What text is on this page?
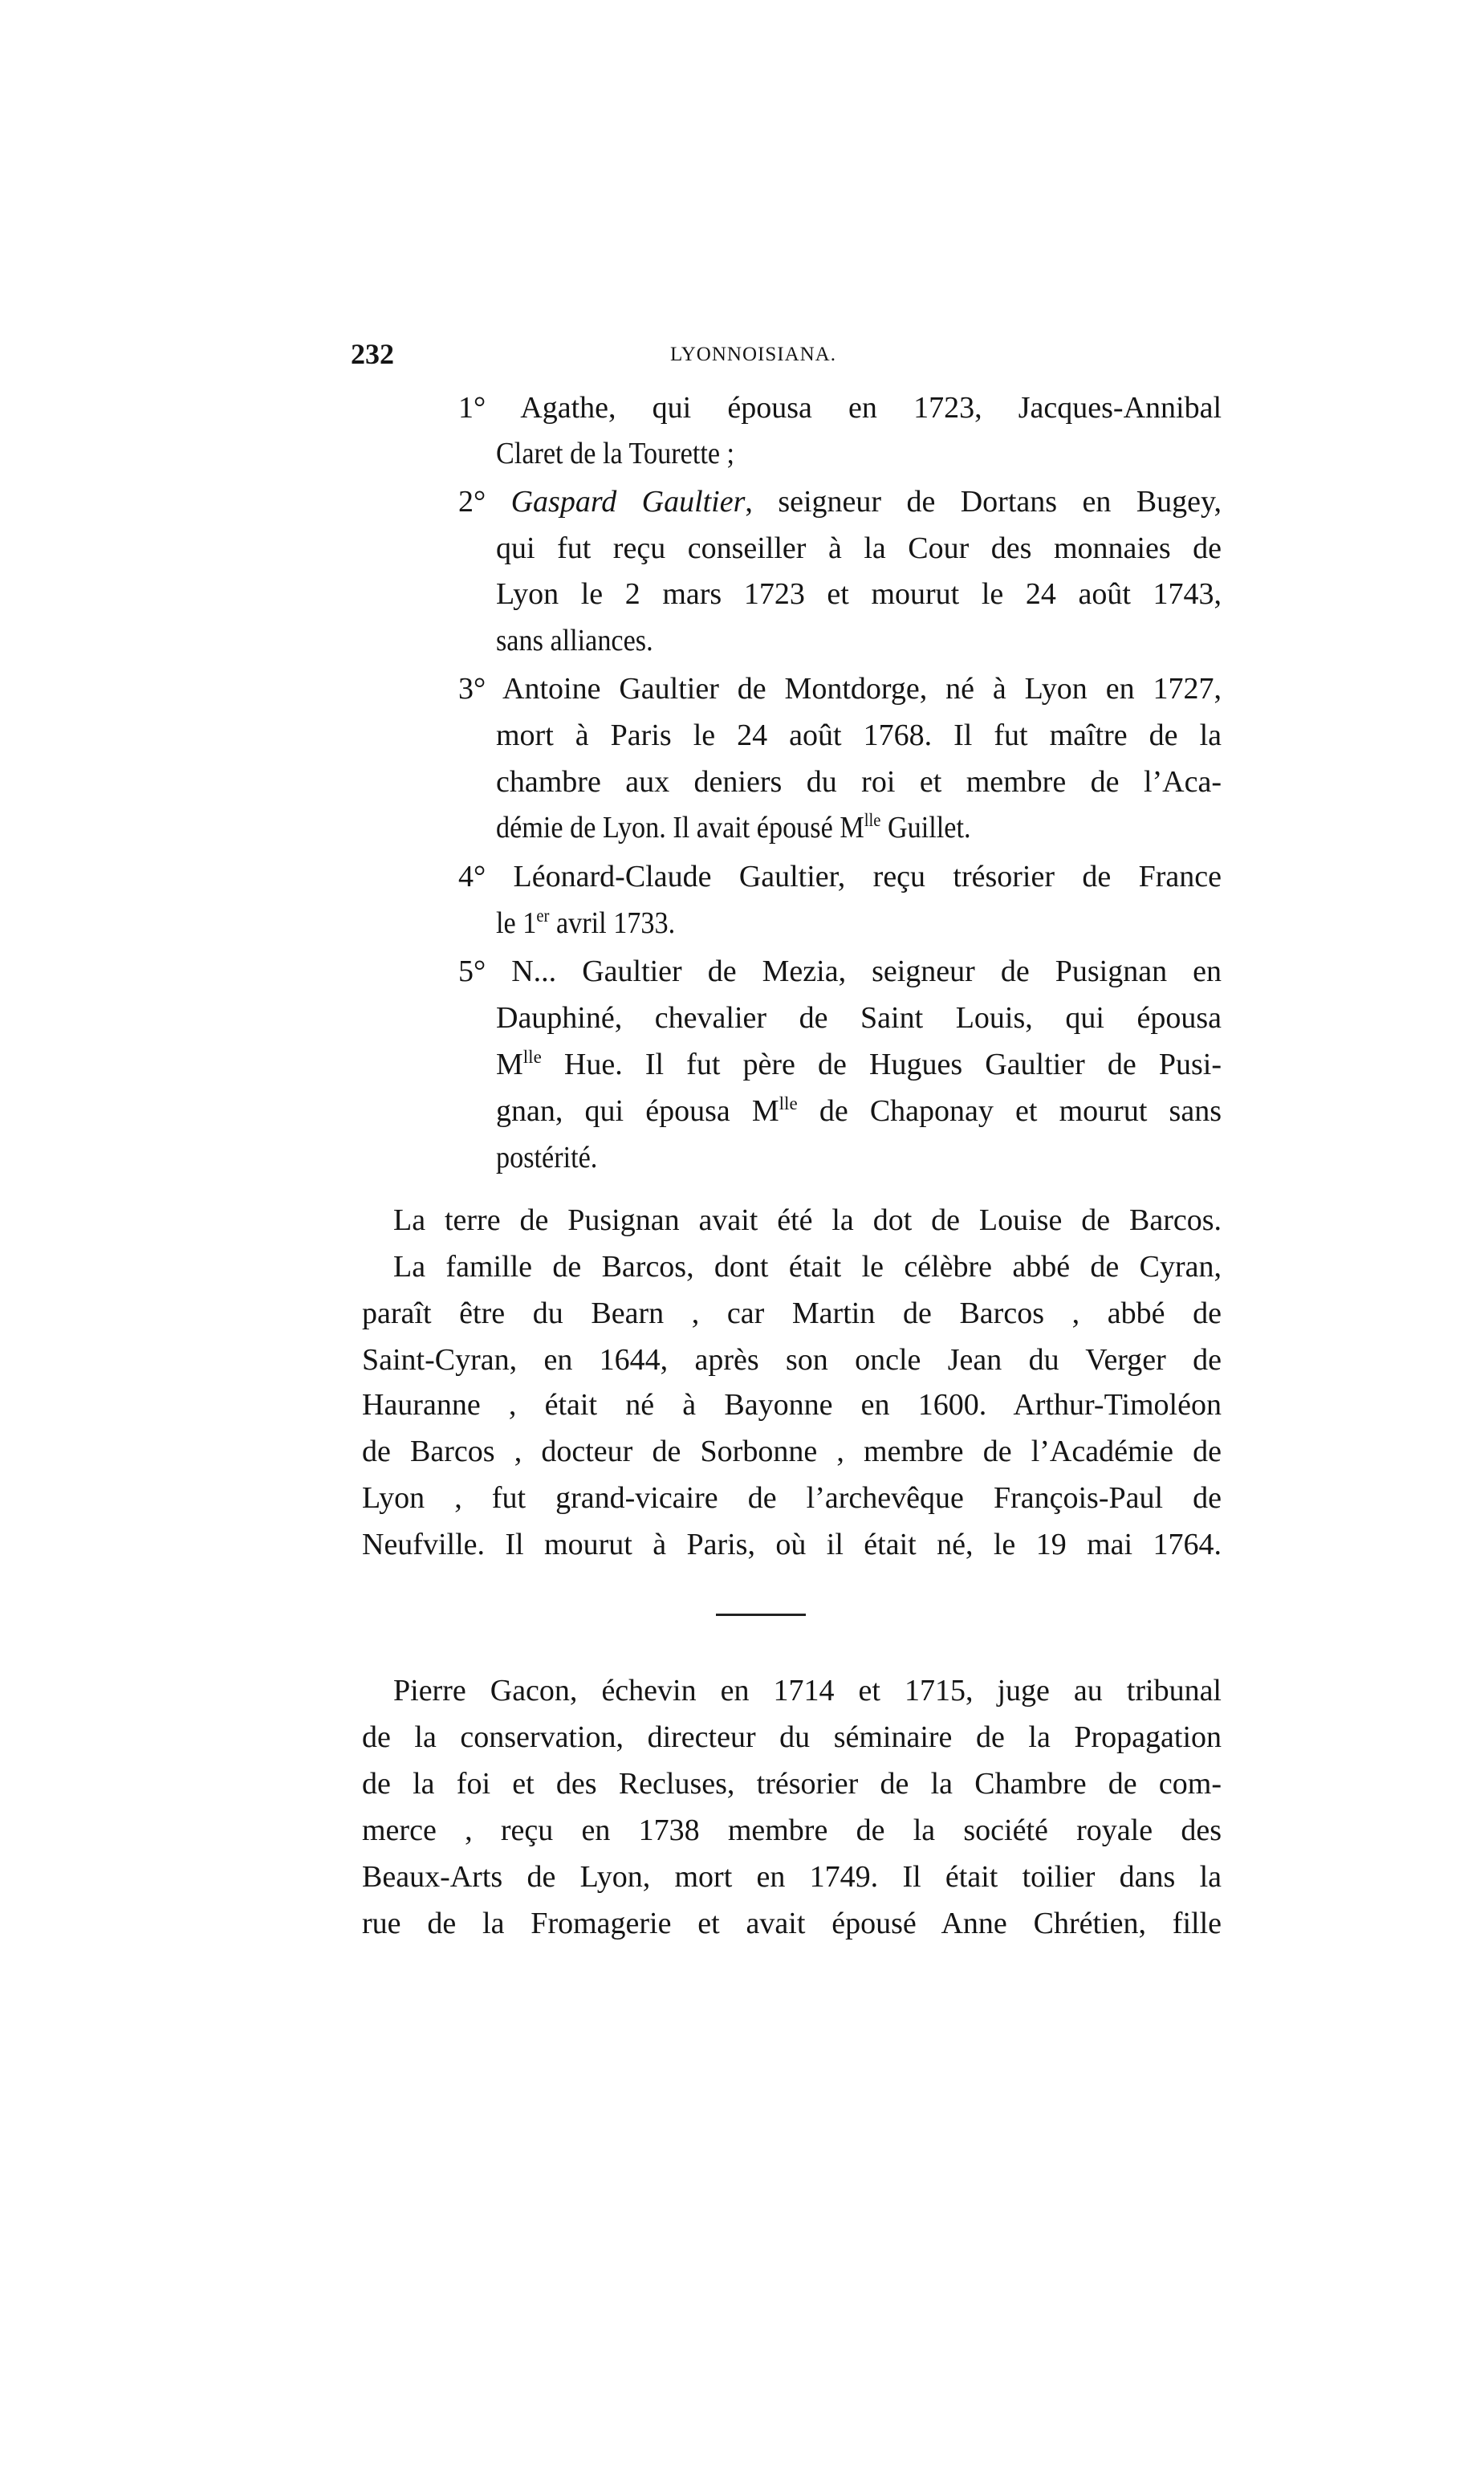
232	LYONNOISIANA.
1° Agathe, qui épousa en 1723, Jacques-Annibal
Claret de la Tourette ;
2° Gaspard Gaultier, seigneur de Dortans en Bugey,
qui fut reçu conseiller à la Cour des monnaies de
Lyon le 2 mars 1723 et mourut le 24 août 1743,
sans alliances.
3° Antoine Gaultier de Montdorge, né à Lyon en 1727,
mort à Paris le 24 août 1768. Il fut maître de la
chambre aux deniers du roi et membre de l’Aca-
démie de Lyon. Il avait épousé $M^{lle}$ Guillet.
4° Léonard-Claude Gaultier, reçu trésorier de France
le 1er avril 1733.
5° N... Gaultier de Mezia, seigneur de Pusignan en
Dauphiné, chevalier de Saint Louis, qui épousa
$M^{lle}$ Hue. Il fut père de Hugues Gaultier de Pusi-
gnan, qui épousa $M^{lle}$ de Chaponay et mourut sans
postérité.
La terre de Pusignan avait été la dot de Louise de Barcos.
La famille de Barcos, dont était le célèbre abbé de Cyran,
paraît être du Bearn , car Martin de Barcos , abbé de
Saint-Cyran, en 1644, après son oncle Jean du Verger de
Hauranne , était né à Bayonne en 1600. Arthur-Timoléon
de Barcos , docteur de Sorbonne , membre de l’Académie de
Lyon , fut grand-vicaire de l’archevêque François-Paul de
Neufville. Il mourut à Paris, où il était né, le 19 mai 1764.
Pierre Gacon, échevin en 1714 et 1715, juge au tribunal
de la conservation, directeur du séminaire de la Propagation
de la foi et des Recluses, trésorier de la Chambre de com-
merce , reçu en 1738 membre de la société royale des
Beaux-Arts de Lyon, mort en 1749. Il était toilier dans la
rue de la Fromagerie et avait épousé Anne Chrétien, fille
